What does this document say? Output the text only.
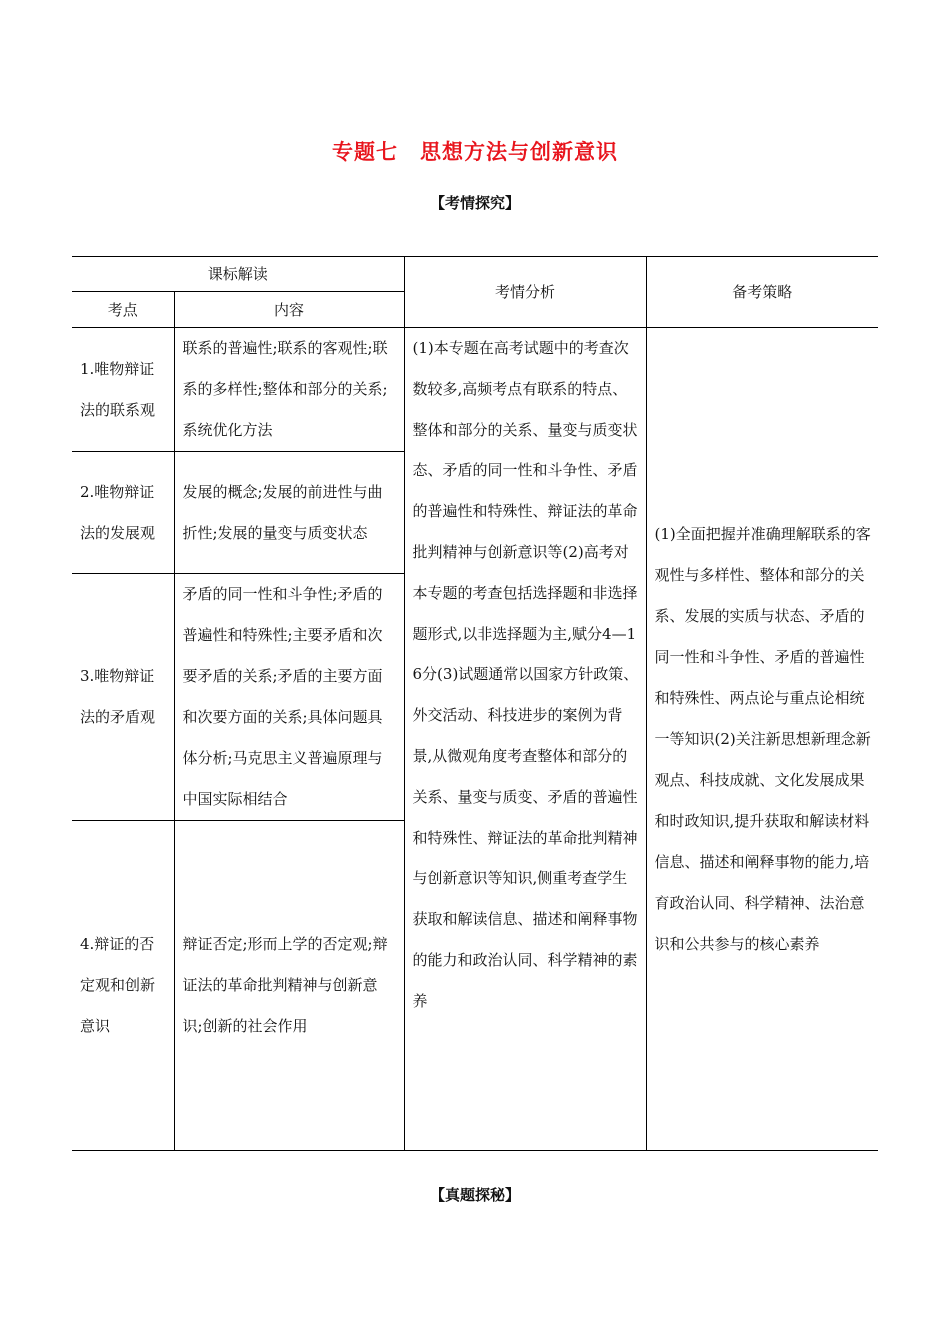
专题七　思想方法与创新意识
【考情探究】
课标解读		考情分析	备考策略
考点	内容		
1.唯物辩证法的联系观	联系的普遍性;联系的客观性;联系的多样性;整体和部分的关系;系统优化方法	(1)本专题在高考试题中的考查次数较多,高频考点有联系的特点、整体和部分的关系、量变与质变状态、矛盾的同一性和斗争性、矛盾的普遍性和特殊性、辩证法的革命批判精神与创新意识等(2)高考对本专题的考查包括选择题和非选择题形式,以非选择题为主,赋分4—16分(3)试题通常以国家方针政策、外交活动、科技进步的案例为背景,从微观角度考查整体和部分的关系、量变与质变、矛盾的普遍性和特殊性、辩证法的革命批判精神与创新意识等知识,侧重考查学生获取和解读信息、描述和阐释事物的能力和政治认同、科学精神的素养	(1)全面把握并准确理解联系的客观性与多样性、整体和部分的关系、发展的实质与状态、矛盾的同一性和斗争性、矛盾的普遍性和特殊性、两点论与重点论相统一等知识(2)关注新思想新理念新观点、科技成就、文化发展成果和时政知识,提升获取和解读材料信息、描述和阐释事物的能力,培育政治认同、科学精神、法治意识和公共参与的核心素养
2.唯物辩证法的发展观	发展的概念;发展的前进性与曲折性;发展的量变与质变状态		
3.唯物辩证法的矛盾观	矛盾的同一性和斗争性;矛盾的普遍性和特殊性;主要矛盾和次要矛盾的关系;矛盾的主要方面和次要方面的关系;具体问题具体分析;马克思主义普遍原理与中国实际相结合		
4.辩证的否定观和创新意识	辩证否定;形而上学的否定观;辩证法的革命批判精神与创新意识;创新的社会作用		
【真题探秘】
